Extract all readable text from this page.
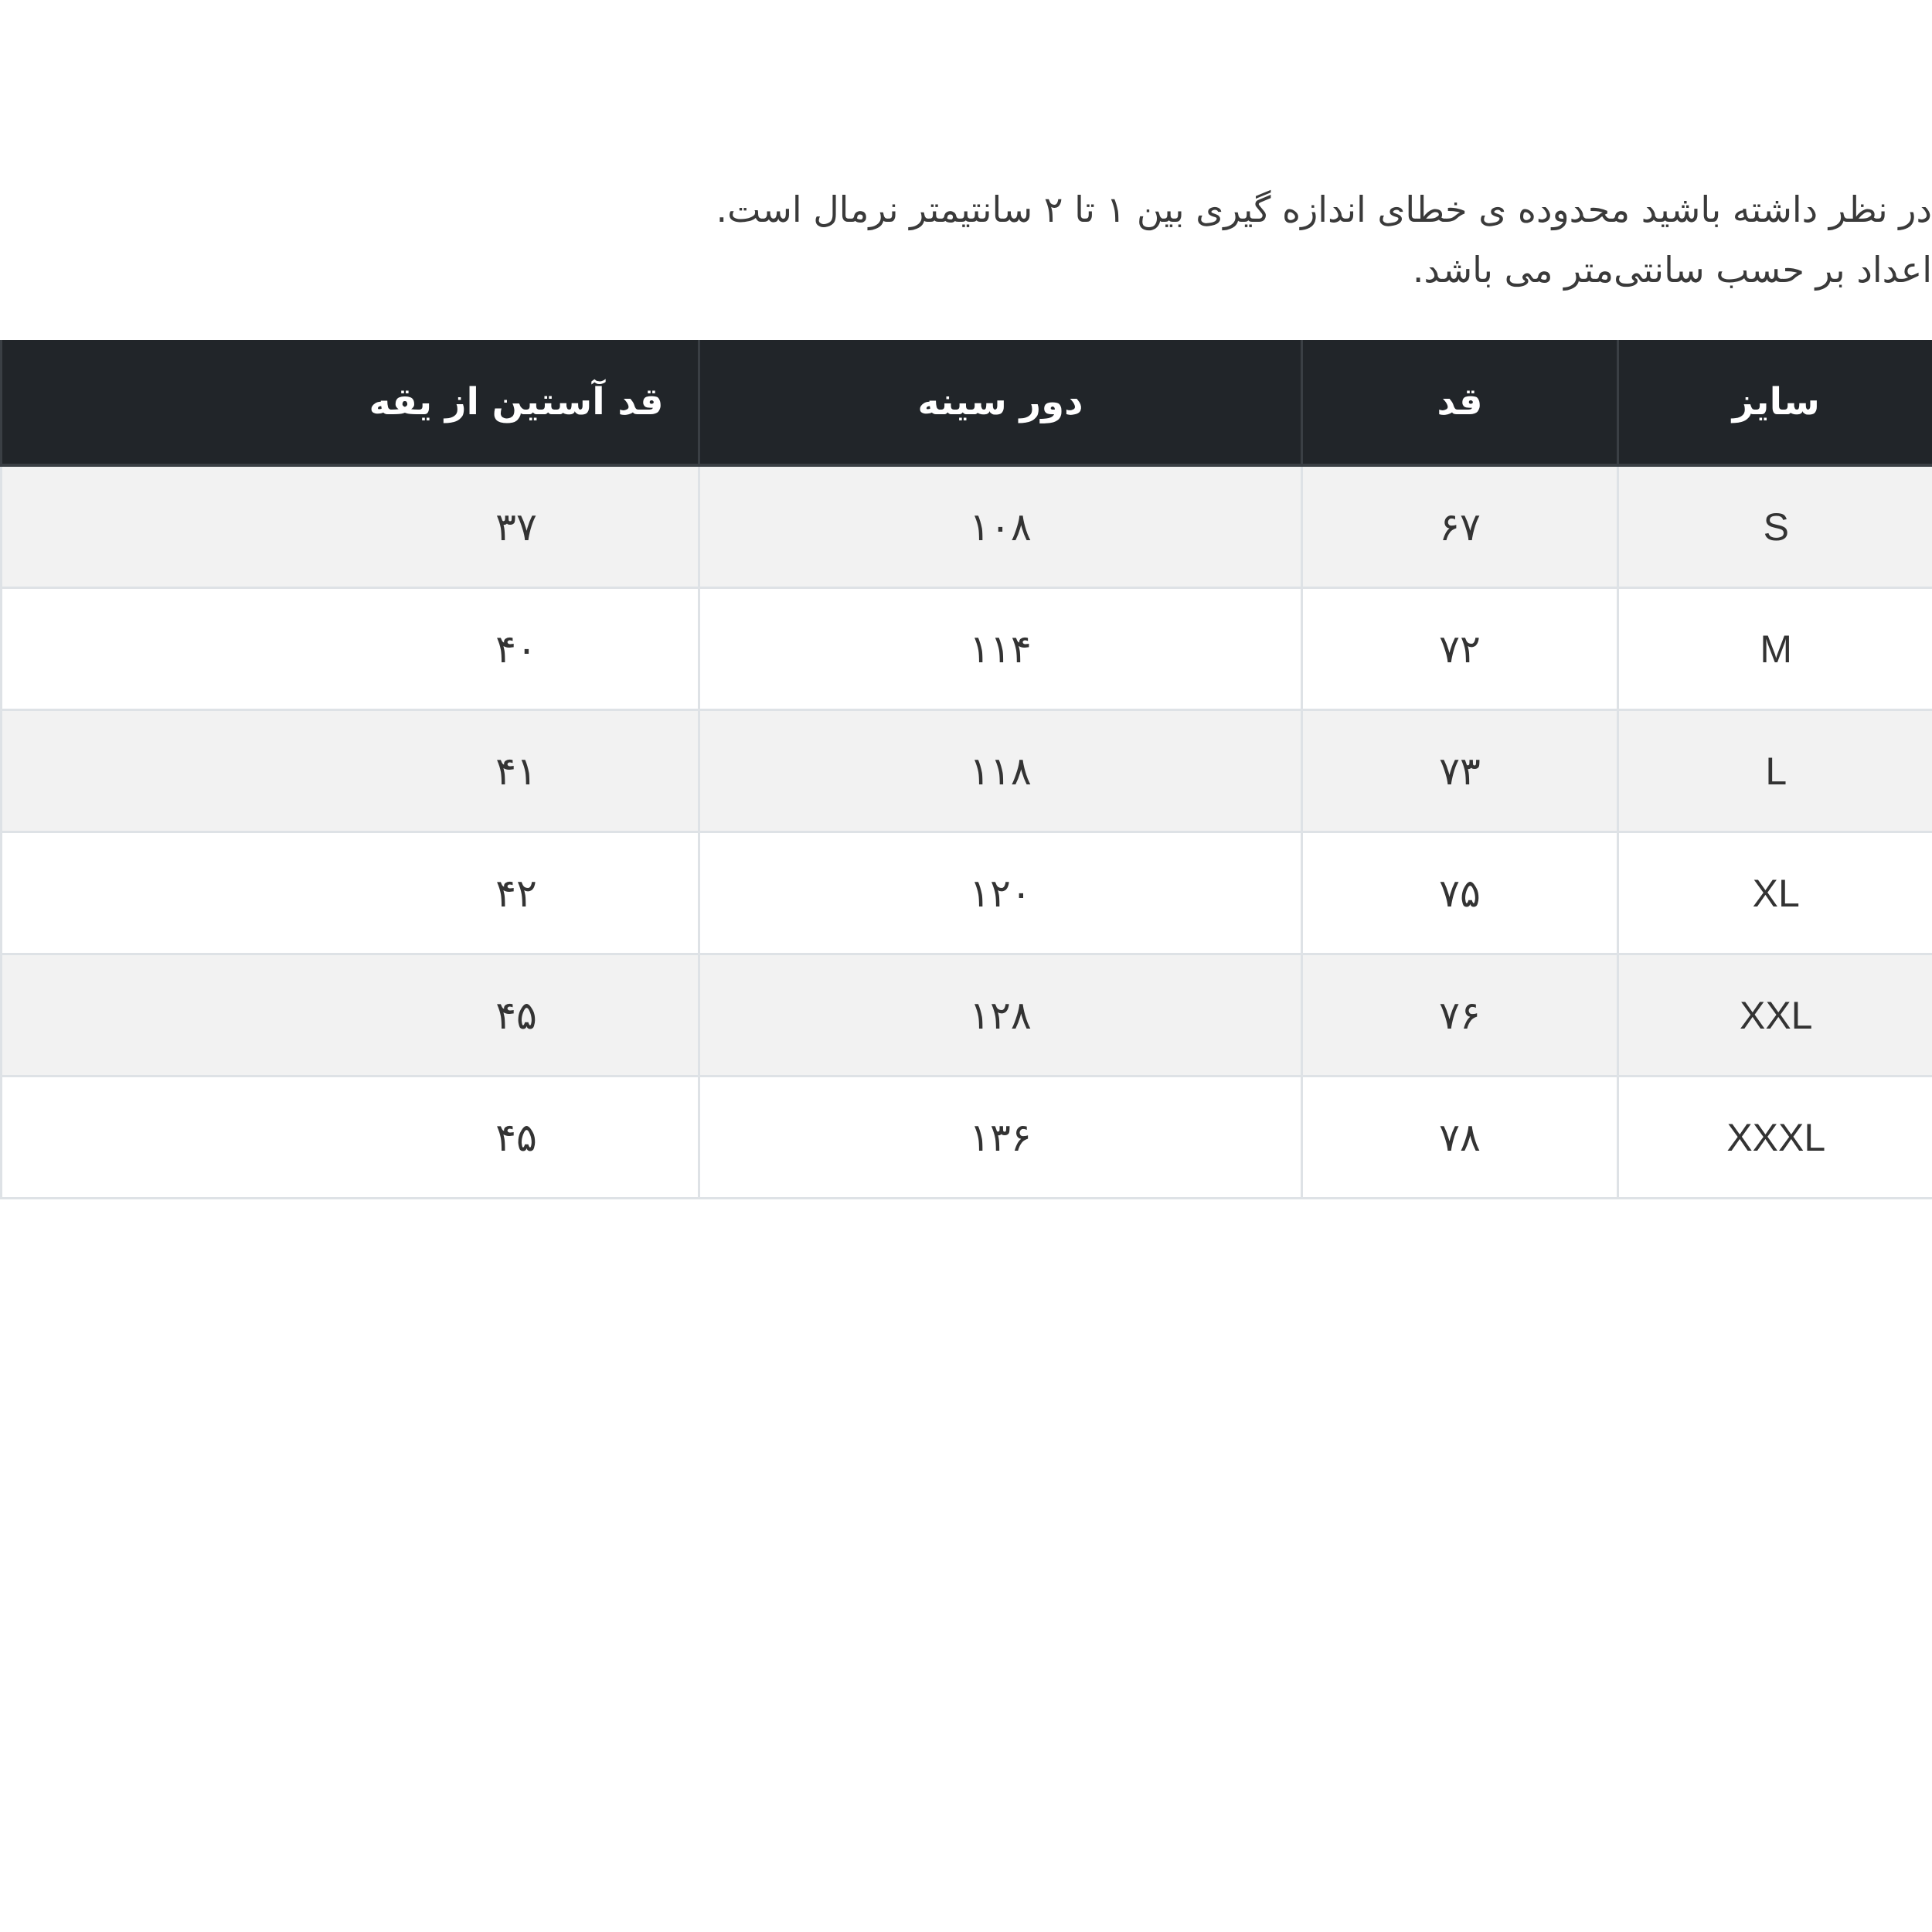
در نظر داشته باشید محدوده ی خطای اندازه گیری بین ۱ تا ۲ سانتیمتر نرمال است.
اعداد بر حسب سانتی‌متر می باشد.
سایز	قد	دور سینه	قد آستین از یقه

S	۶۷	۱۰۸	۳۷

M	۷۲	۱۱۴	۴۰

L	۷۳	۱۱۸	۴۱

XL	۷۵	۱۲۰	۴۲

XXL	۷۶	۱۲۸	۴۵

XXXL	۷۸	۱۳۶	۴۵
